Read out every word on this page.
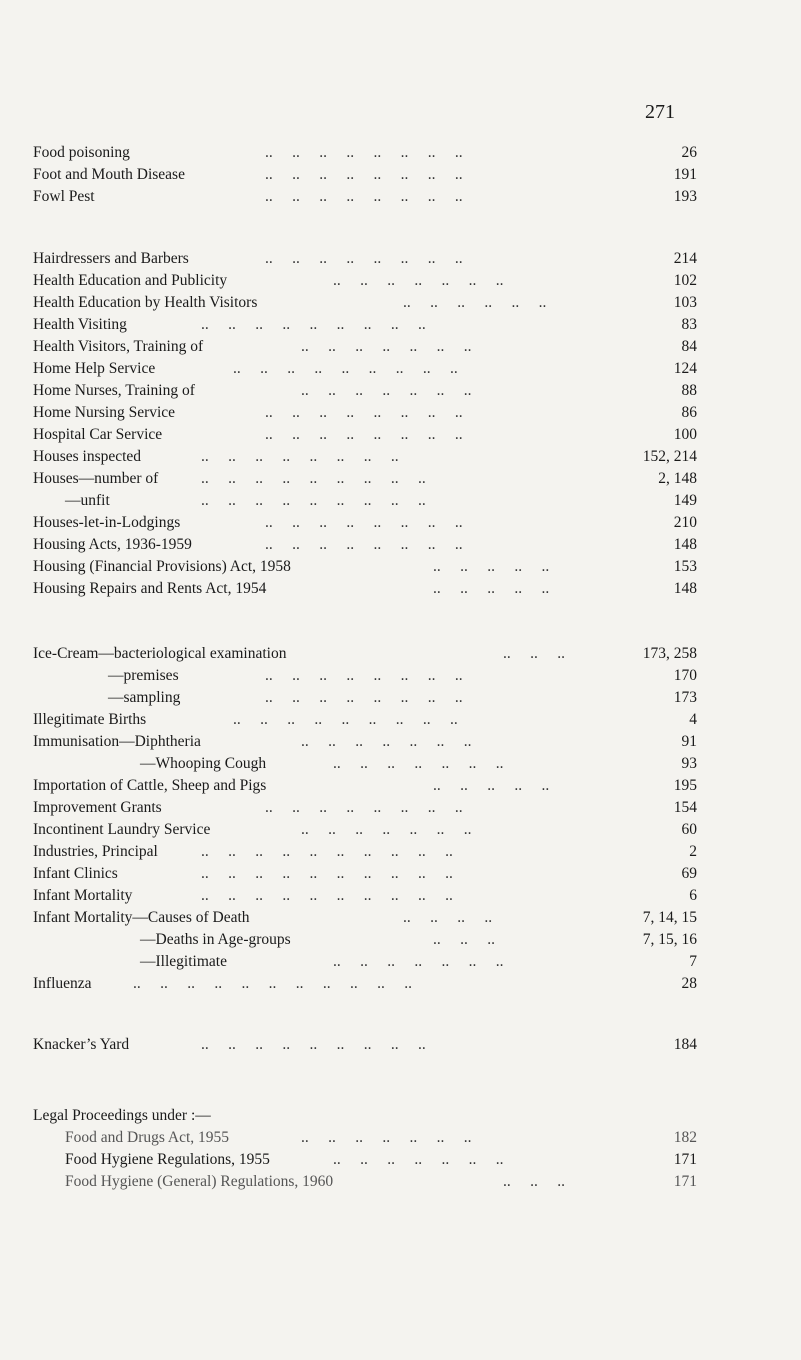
271
Food poisoning	..     ..     ..     ..     ..     ..     ..     ..	26
Foot and Mouth Disease	..     ..     ..     ..     ..     ..     ..     ..	191
Fowl Pest	..     ..     ..     ..     ..     ..     ..     ..	193
Hairdressers and Barbers	..     ..     ..     ..     ..     ..     ..     ..	214
Health Education and Publicity	..     ..     ..     ..     ..     ..     ..	102
Health Education by Health Visitors	..     ..     ..     ..     ..     ..	103
Health Visiting	..     ..     ..     ..     ..     ..     ..     ..     ..	83
Health Visitors, Training of	..     ..     ..     ..     ..     ..     ..	84
Home Help Service	..     ..     ..     ..     ..     ..     ..     ..     ..	124
Home Nurses, Training of	..     ..     ..     ..     ..     ..     ..	88
Home Nursing Service	..     ..     ..     ..     ..     ..     ..     ..	86
Hospital Car Service	..     ..     ..     ..     ..     ..     ..     ..	100
Houses inspected	..     ..     ..     ..     ..     ..     ..     ..	152, 214
Houses—number of	..     ..     ..     ..     ..     ..     ..     ..     ..	2, 148
—unfit	..     ..     ..     ..     ..     ..     ..     ..     ..	149
Houses-let-in-Lodgings	..     ..     ..     ..     ..     ..     ..     ..	210
Housing Acts, 1936-1959	..     ..     ..     ..     ..     ..     ..     ..	148
Housing (Financial Provisions) Act, 1958	..     ..     ..     ..     ..	153
Housing Repairs and Rents Act, 1954	..     ..     ..     ..     ..	148
Ice-Cream—bacteriological examination	..     ..     ..	173, 258
—premises	..     ..     ..     ..     ..     ..     ..     ..	170
—sampling	..     ..     ..     ..     ..     ..     ..     ..	173
Illegitimate Births	..     ..     ..     ..     ..     ..     ..     ..     ..	4
Immunisation—Diphtheria	..     ..     ..     ..     ..     ..     ..	91
—Whooping Cough	..     ..     ..     ..     ..     ..     ..	93
Importation of Cattle, Sheep and Pigs	..     ..     ..     ..     ..	195
Improvement Grants	..     ..     ..     ..     ..     ..     ..     ..	154
Incontinent Laundry Service	..     ..     ..     ..     ..     ..     ..	60
Industries, Principal	..     ..     ..     ..     ..     ..     ..     ..     ..     ..	2
Infant Clinics	..     ..     ..     ..     ..     ..     ..     ..     ..     ..	69
Infant Mortality	..     ..     ..     ..     ..     ..     ..     ..     ..     ..	6
Infant Mortality—Causes of Death	..     ..     ..     ..	7, 14, 15
—Deaths in Age-groups	..     ..     ..	7, 15, 16
—Illegitimate	..     ..     ..     ..     ..     ..     ..	7
Influenza	..     ..     ..     ..     ..     ..     ..     ..     ..     ..     ..	28
Knacker’s Yard	..     ..     ..     ..     ..     ..     ..     ..     ..	184
Legal Proceedings under :—
Food and Drugs Act, 1955	..     ..     ..     ..     ..     ..     ..	182
Food Hygiene Regulations, 1955	..     ..     ..     ..     ..     ..     ..	171
Food Hygiene (General) Regulations, 1960	..     ..     ..	171
